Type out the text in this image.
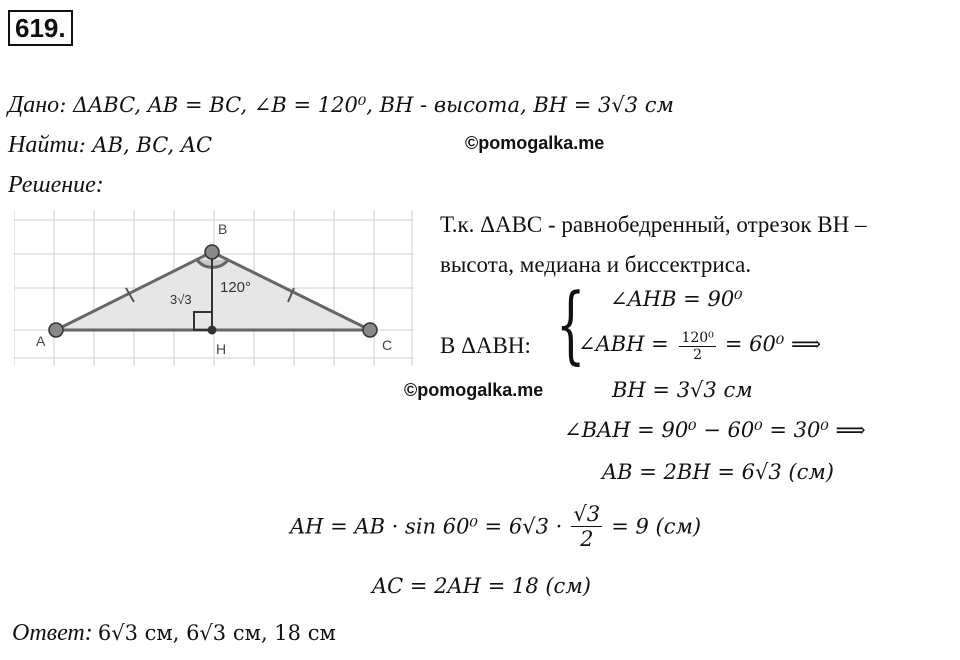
619.
Дано: ΔABC, AB = BC, ∠B = 120⁰, BH - высота, BH = 3√3 см
Найти: AB, BC, AC	©pomogalka.me
Решение:
A
B
C
H
120°
3√3
Т.к. ΔABC - равнобедренный, отрезок BH –
высота, медиана и биссектриса.
В ΔABH: { ∠AHB = 90⁰
∠ABH = $\frac{\text{120⁰}}{2} = 60^0$ ⟹
BH = 3√3 см
©pomogalka.me
∠BAH = 90⁰ − 60⁰ = 30⁰ ⟹
AB = 2BH = 6√3 (см)
AH = AB · $\sin 60^0 = 6√3 \cdot \frac{√3}{2} = 9$ (см)
AC = 2AH = 18 (см)
Ответ: 6√3 см, 6√3 см, 18 см
